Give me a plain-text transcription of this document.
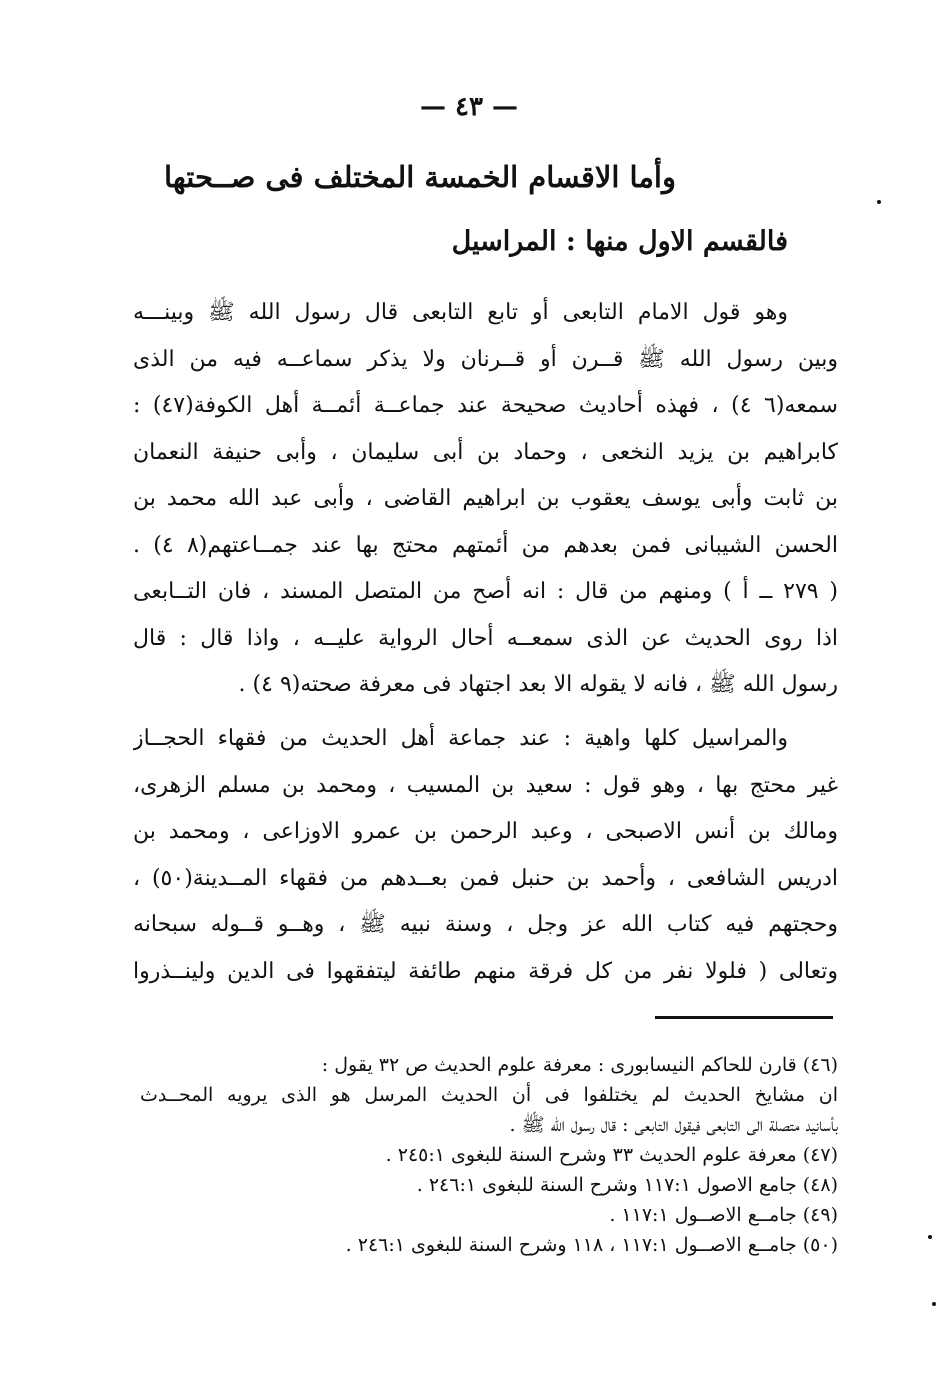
— ٤٣ —
وأما الاقسام الخمسة المختلف فى صــحتها
فالقسم الاول منها : المراسيل
وهو قول الامام التابعى أو تابع التابعى قال رسول الله ﷺ وبينـــه
وبين رسول الله ﷺ قــرن أو قــرنان ولا يذكر سماعــه فيه من الذى
سمعه(٦ ٤) ، فهذه أحاديث صحيحة عند جماعــة أئمــة أهل الكوفة(٤٧) :
كابراهيم بن يزيد النخعى ، وحماد بن أبى سليمان ، وأبى حنيفة النعمان
بن ثابت وأبى يوسف يعقوب بن ابراهيم القاضى ، وأبى عبد الله محمد بن
الحسن الشيبانى فمن بعدهم من أئمتهم محتج بها عند جمــاعتهم(٨ ٤) .
( ٢٧٩ ــ أ ) ومنهم من قال : انه أصح من المتصل المسند ، فان التــابعى
اذا روى الحديث عن الذى سمعــه أحال الرواية عليــه ، واذا قال : قال
رسول الله ﷺ ، فانه لا يقوله الا بعد اجتهاد فى معرفة صحته(٩ ٤) .
والمراسيل كلها واهية : عند جماعة أهل الحديث من فقهاء الحجــاز
غير محتج بها ، وهو قول : سعيد بن المسيب ، ومحمد بن مسلم الزهرى،
ومالك بن أنس الاصبحى ، وعبد الرحمن بن عمرو الاوزاعى ، ومحمد بن
ادريس الشافعى ، وأحمد بن حنبل فمن بعــدهم من فقهاء المــدينة(٥٠) ،
وحجتهم فيه كتاب الله عز وجل ، وسنة نبيه ﷺ ، وهــو قــوله سبحانه
وتعالى ( فلولا نفر من كل فرقة منهم طائفة ليتفقهوا فى الدين ولينــذروا
(٤٦) قارن للحاكم النيسابورى : معرفة علوم الحديث ص ٣٢ يقول :
ان مشايخ الحديث لم يختلفوا فى أن الحديث المرسل هو الذى يرويه المحــدث
بأسانيد متصلة الى التابعى فيقول التابعى : قال رسول الله ﷺ .
(٤٧) معرفة علوم الحديث ٣٣ وشرح السنة للبغوى ٢٤٥:١ .
(٤٨) جامع الاصول ١١٧:١ وشرح السنة للبغوى ٢٤٦:١ .
(٤٩) جامــع الاصــول ١١٧:١ .
(٥٠) جامــع الاصــول ١١٧:١ ، ١١٨ وشرح السنة للبغوى ٢٤٦:١ .
